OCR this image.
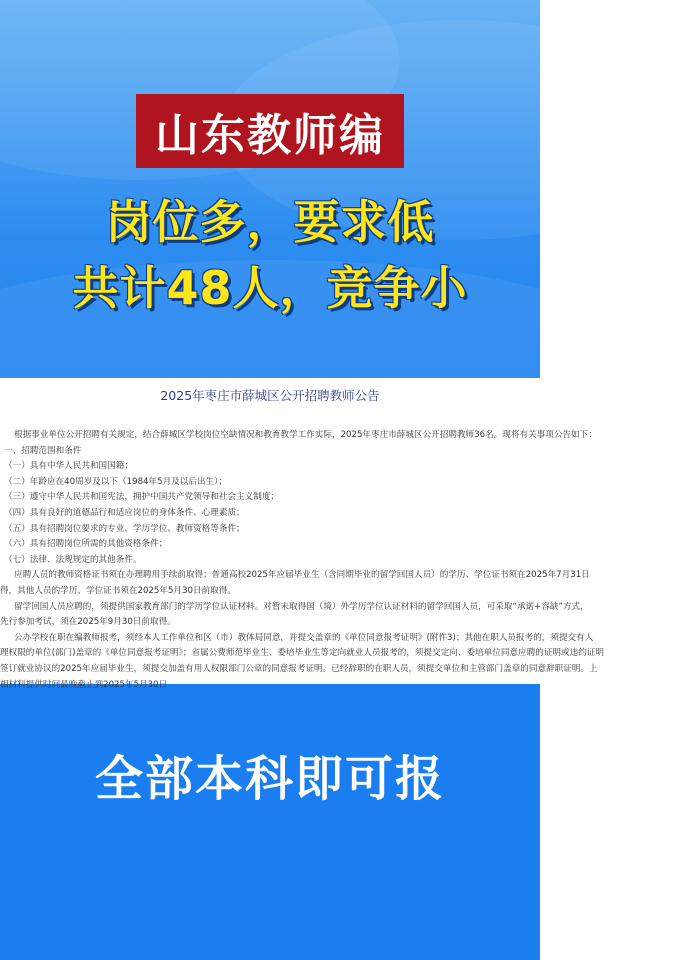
山东教师编
岗位多，要求低
共计48人，竞争小
2025年枣庄市薛城区公开招聘教师公告
根据事业单位公开招聘有关规定，结合薛城区学校岗位空缺情况和教育教学工作实际，2025年枣庄市薛城区公开招聘教师36名。现将有关事项公告如下：
一、招聘范围和条件
（一）具有中华人民共和国国籍；
（二）年龄应在40周岁及以下（1984年5月及以后出生）；
（三）遵守中华人民共和国宪法，拥护中国共产党领导和社会主义制度；
（四）具有良好的道德品行和适应岗位的身体条件、心理素质；
（五）具有招聘岗位要求的专业、学历学位、教师资格等条件；
（六）具有招聘岗位所需的其他资格条件；
（七）法律、法规规定的其他条件。
应聘人员的教师资格证书须在办理聘用手续前取得；普通高校2025年应届毕业生（含同期毕业的留学回国人员）的学历、学位证书须在2025年7月31日
得，其他人员的学历、学位证书须在2025年5月30日前取得。
留学回国人员应聘的，须提供国家教育部门的学历学位认证材料。对暂未取得国（境）外学历学位认证材料的留学回国人员，可采取“承诺+容缺”方式，
先行参加考试，须在2025年9月30日前取得。
公办学校在职在编教师报考，须经本人工作单位和区（市）教体局同意，并提交盖章的《单位同意报考证明》(附件3)；其他在职人员报考的，须提交有人
理权限的单位(部门)盖章的《单位同意报考证明》；省属公费师范毕业生、委培毕业生等定向就业人员报考的，须提交定向、委培单位同意应聘的证明或违约证明
签订就业协议的2025年应届毕业生，须提交加盖有用人权限部门公章的同意报考证明。已经辞职的在职人员，须提交单位和主管部门盖章的同意辞职证明。上
相材料提供时间最晚截止到2025年5月30日
全部本科即可报
